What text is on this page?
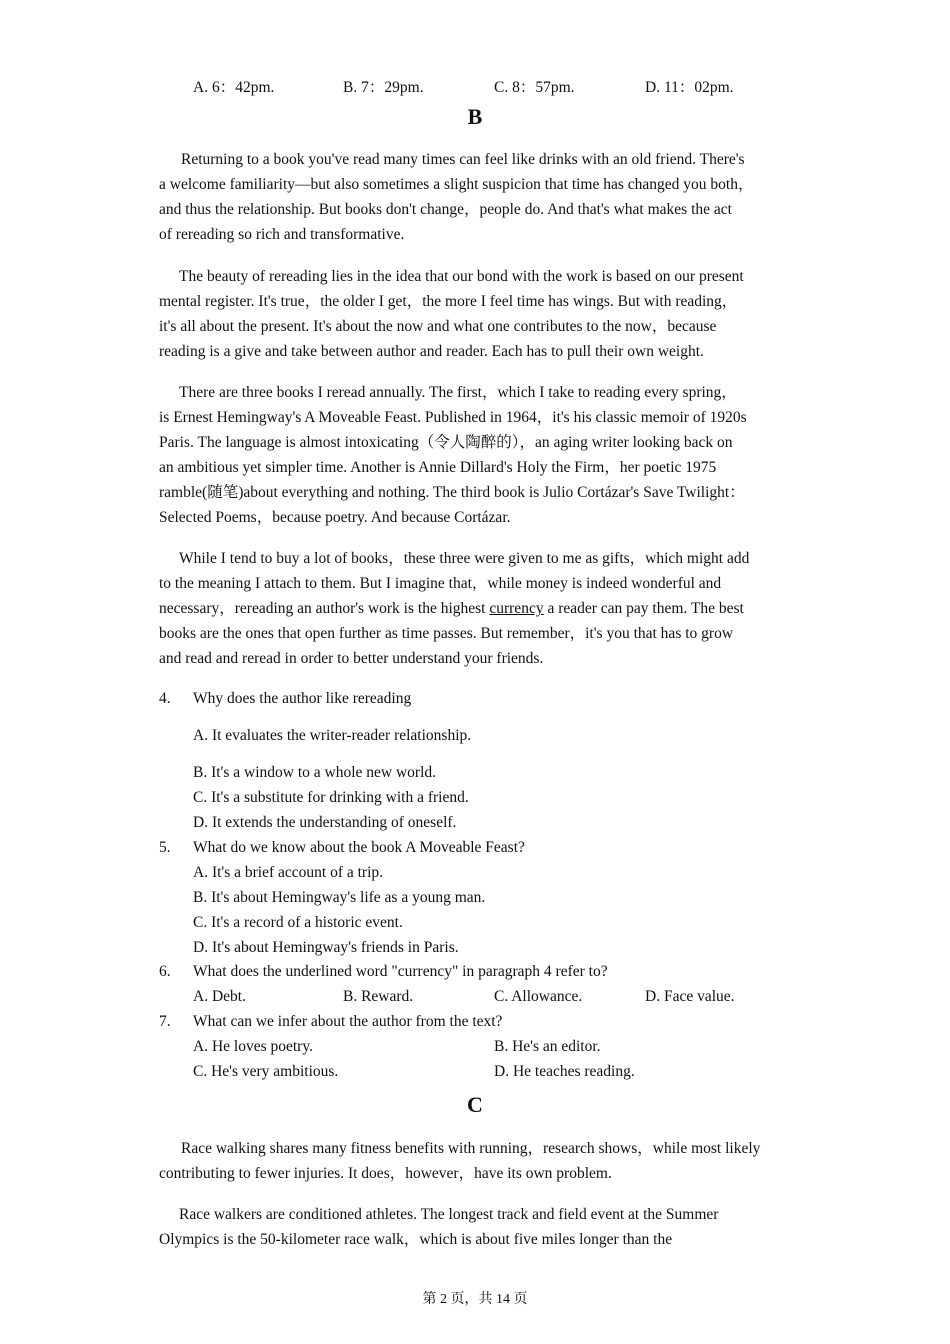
A. 6：42pm.	B. 7：29pm.	C. 8：57pm.	D. 11：02pm.
B
Returning to a book you've read many times can feel like drinks with an old friend. There's
a welcome familiarity—but also sometimes a slight suspicion that time has changed you both，
and thus the relationship. But books don't change，people do. And that's what makes the act
of rereading so rich and transformative.
The beauty of rereading lies in the idea that our bond with the work is based on our present
mental register. It's true，the older I get，the more I feel time has wings. But with reading，
it's all about the present. It's about the now and what one contributes to the now，because
reading is a give and take between author and reader. Each has to pull their own weight.
There are three books I reread annually. The first，which I take to reading every spring，
is Ernest Hemingway's A Moveable Feast. Published in 1964，it's his classic memoir of 1920s
Paris. The language is almost intoxicating（令人陶醉的），an aging writer looking back on
an ambitious yet simpler time. Another is Annie Dillard's Holy the Firm，her poetic 1975
ramble(随笔)about everything and nothing. The third book is Julio Cortázar's Save Twilight：
Selected Poems，because poetry. And because Cortázar.
While I tend to buy a lot of books，these three were given to me as gifts，which might add
to the meaning I attach to them. But I imagine that，while money is indeed wonderful and
necessary，rereading an author's work is the highest currency a reader can pay them. The best
books are the ones that open further as time passes. But remember，it's you that has to grow
and read and reread in order to better understand your friends.
4. Why does the author like rereading
A. It evaluates the writer-reader relationship.
B. It's a window to a whole new world.
C. It's a substitute for drinking with a friend.
D. It extends the understanding of oneself.
5. What do we know about the book A Moveable Feast?
A. It's a brief account of a trip.
B. It's about Hemingway's life as a young man.
C. It's a record of a historic event.
D. It's about Hemingway's friends in Paris.
6. What does the underlined word "currency" in paragraph 4 refer to?
A. Debt.	B. Reward.	C. Allowance.	D. Face value.
7. What can we infer about the author from the text?
A. He loves poetry.	B. He's an editor.
C. He's very ambitious.	D. He teaches reading.
C
Race walking shares many fitness benefits with running，research shows，while most likely
contributing to fewer injuries. It does，however，have its own problem.
Race walkers are conditioned athletes. The longest track and field event at the Summer
Olympics is the 50-kilometer race walk，which is about five miles longer than the
第 2 页，共 14 页
